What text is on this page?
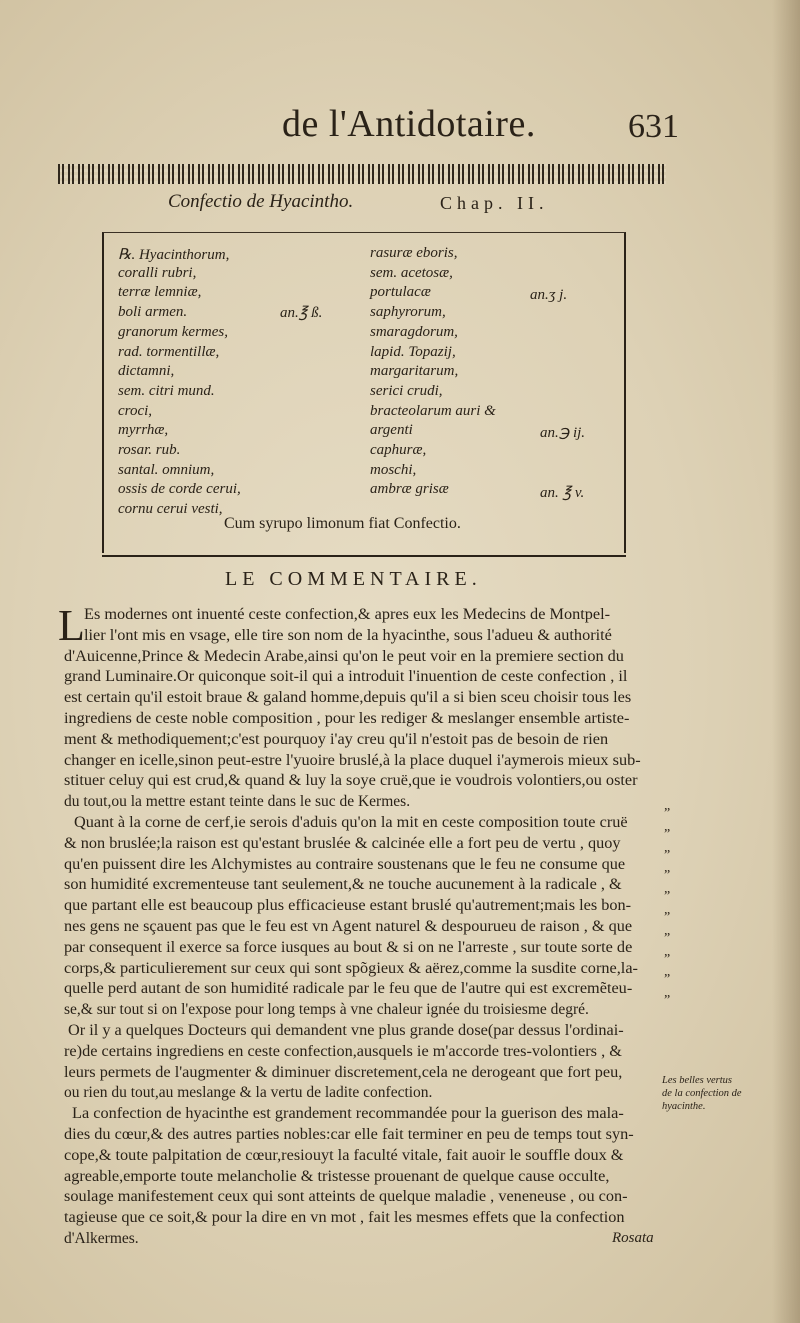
de l'Antidotaire.	631
Confectio de Hyacintho.	Chap. II.
℞. Hyacinthorum,
coralli rubri,
terræ lemniæ,
boli armen.
granorum kermes,
rad. tormentillæ,
dictamni,
sem. citri mund.
croci,
myrrhæ,
rosar. rub.
santal. omnium,
ossis de corde cerui,
cornu cerui vesti,
rasuræ eboris,
sem. acetosæ,
portulacæ
saphyrorum,
smaragdorum,
lapid. Topazij,
margaritarum,
serici crudi,
bracteolarum auri &
argenti
caphuræ,
moschi,
ambræ grisæ
an.℥ ß.
an.ʒ j.
an.℈ ij.
an. ℥ v.
Cum syrupo limonum fiat Confectio.
LE COMMENTAIRE.
L Es modernes ont inuenté ceste confection,& apres eux les Medecins de Montpel-
lier l'ont mis en vsage, elle tire son nom de la hyacinthe, sous l'adueu & authorité
d'Auicenne,Prince & Medecin Arabe,ainsi qu'on le peut voir en la premiere section du
grand Luminaire.Or quiconque soit-il qui a introduit l'inuention de ceste confection , il
est certain qu'il estoit braue & galand homme,depuis qu'il a si bien sceu choisir tous les
ingrediens de ceste noble composition , pour les rediger & meslanger ensemble artiste-
ment & methodiquement;c'est pourquoy i'ay creu qu'il n'estoit pas de besoin de rien
changer en icelle,sinon peut-estre l'yuoire bruslé,à la place duquel i'aymerois mieux sub-
stituer celuy qui est crud,& quand & luy la soye cruë,que ie voudrois volontiers,ou oster
du tout,ou la mettre estant teinte dans le suc de Kermes.
Quant à la corne de cerf,ie serois d'aduis qu'on la mit en ceste composition toute cruë
& non bruslée;la raison est qu'estant bruslée & calcinée elle a fort peu de vertu , quoy
qu'en puissent dire les Alchymistes au contraire soustenans que le feu ne consume que
son humidité excrementeuse tant seulement,& ne touche aucunement à la radicale , &
que partant elle est beaucoup plus efficacieuse estant bruslé qu'autrement;mais les bon-
nes gens ne sçauent pas que le feu est vn Agent naturel & despourueu de raison , & que
par consequent il exerce sa force iusques au bout & si on ne l'arreste , sur toute sorte de
corps,& particulierement sur ceux qui sont spõgieux & aërez,comme la susdite corne,la-
quelle perd autant de son humidité radicale par le feu que de l'autre qui est excremẽteu-
se,& sur tout si on l'expose pour long temps à vne chaleur ignée du troisiesme degré.
Or il y a quelques Docteurs qui demandent vne plus grande dose(par dessus l'ordinai-
re)de certains ingrediens en ceste confection,ausquels ie m'accorde tres-volontiers , &
leurs permets de l'augmenter & diminuer discretement,cela ne derogeant que fort peu,
ou rien du tout,au meslange & la vertu de ladite confection.
La confection de hyacinthe est grandement recommandée pour la guerison des mala-
dies du cœur,& des autres parties nobles:car elle fait terminer en peu de temps tout syn-
cope,& toute palpitation de cœur,resiouyt la faculté vitale, fait auoir le souffle doux &
agreable,emporte toute melancholie & tristesse prouenant de quelque cause occulte,
soulage manifestement ceux qui sont atteints de quelque maladie , veneneuse , ou con-
tagieuse que ce soit,& pour la dire en vn mot , fait les mesmes effets que la confection
d'Alkermes.
”
”
”
”
”
”
”
”
”
”
Les belles vertus de la confection de hyacinthe.
Rosata
